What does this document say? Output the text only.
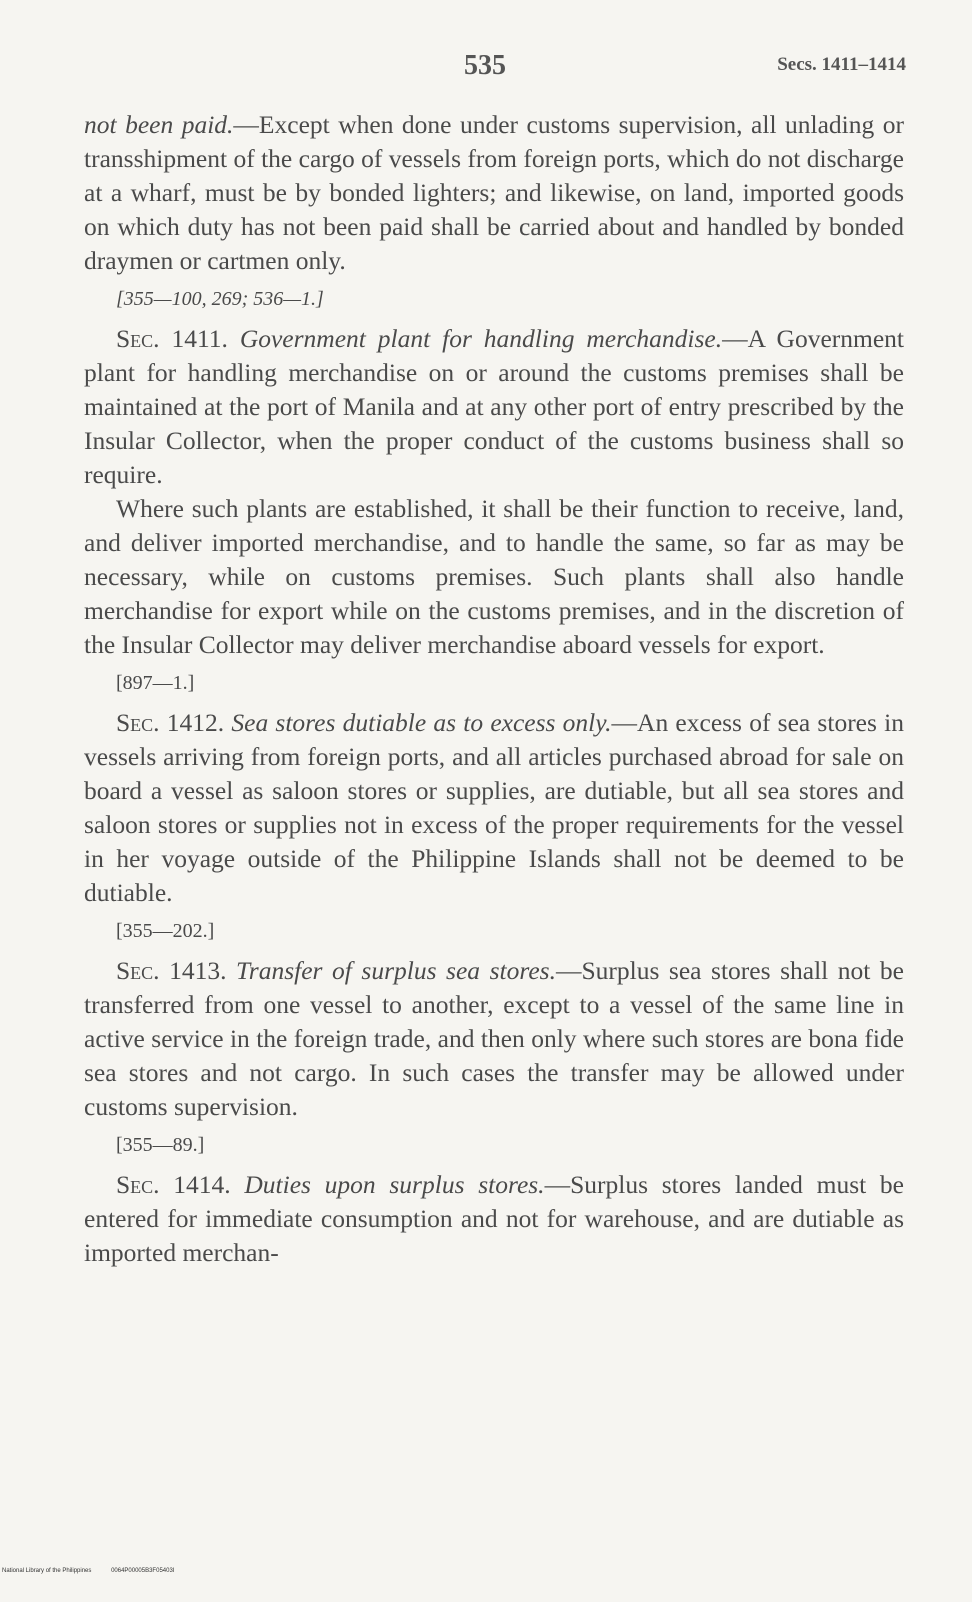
535	Secs. 1411–1414

not been paid.—Except when done under customs supervision, all unlading or transshipment of the cargo of vessels from foreign ports, which do not discharge at a wharf, must be by bonded lighters; and likewise, on land, imported goods on which duty has not been paid shall be carried about and handled by bonded draymen or cartmen only.

[355—100, 269; 536—1.]

Sec. 1411. Government plant for handling merchandise.—A Government plant for handling merchandise on or around the customs premises shall be maintained at the port of Manila and at any other port of entry prescribed by the Insular Collector, when the proper conduct of the customs business shall so require.

Where such plants are established, it shall be their function to receive, land, and deliver imported merchandise, and to handle the same, so far as may be necessary, while on customs premises. Such plants shall also handle merchandise for export while on the customs premises, and in the discretion of the Insular Collector may deliver merchandise aboard vessels for export.

[897—1.]

Sec. 1412. Sea stores dutiable as to excess only.—An excess of sea stores in vessels arriving from foreign ports, and all articles purchased abroad for sale on board a vessel as saloon stores or supplies, are dutiable, but all sea stores and saloon stores or supplies not in excess of the proper requirements for the vessel in her voyage outside of the Philippine Islands shall not be deemed to be dutiable.

[355—202.]

Sec. 1413. Transfer of surplus sea stores.—Surplus sea stores shall not be transferred from one vessel to another, except to a vessel of the same line in active service in the foreign trade, and then only where such stores are bona fide sea stores and not cargo. In such cases the transfer may be allowed under customs supervision.

[355—89.]

Sec. 1414. Duties upon surplus stores.—Surplus stores landed must be entered for immediate consumption and not for warehouse, and are dutiable as imported merchan-

National Library of the Philippines	0064P00005B3F05403I
